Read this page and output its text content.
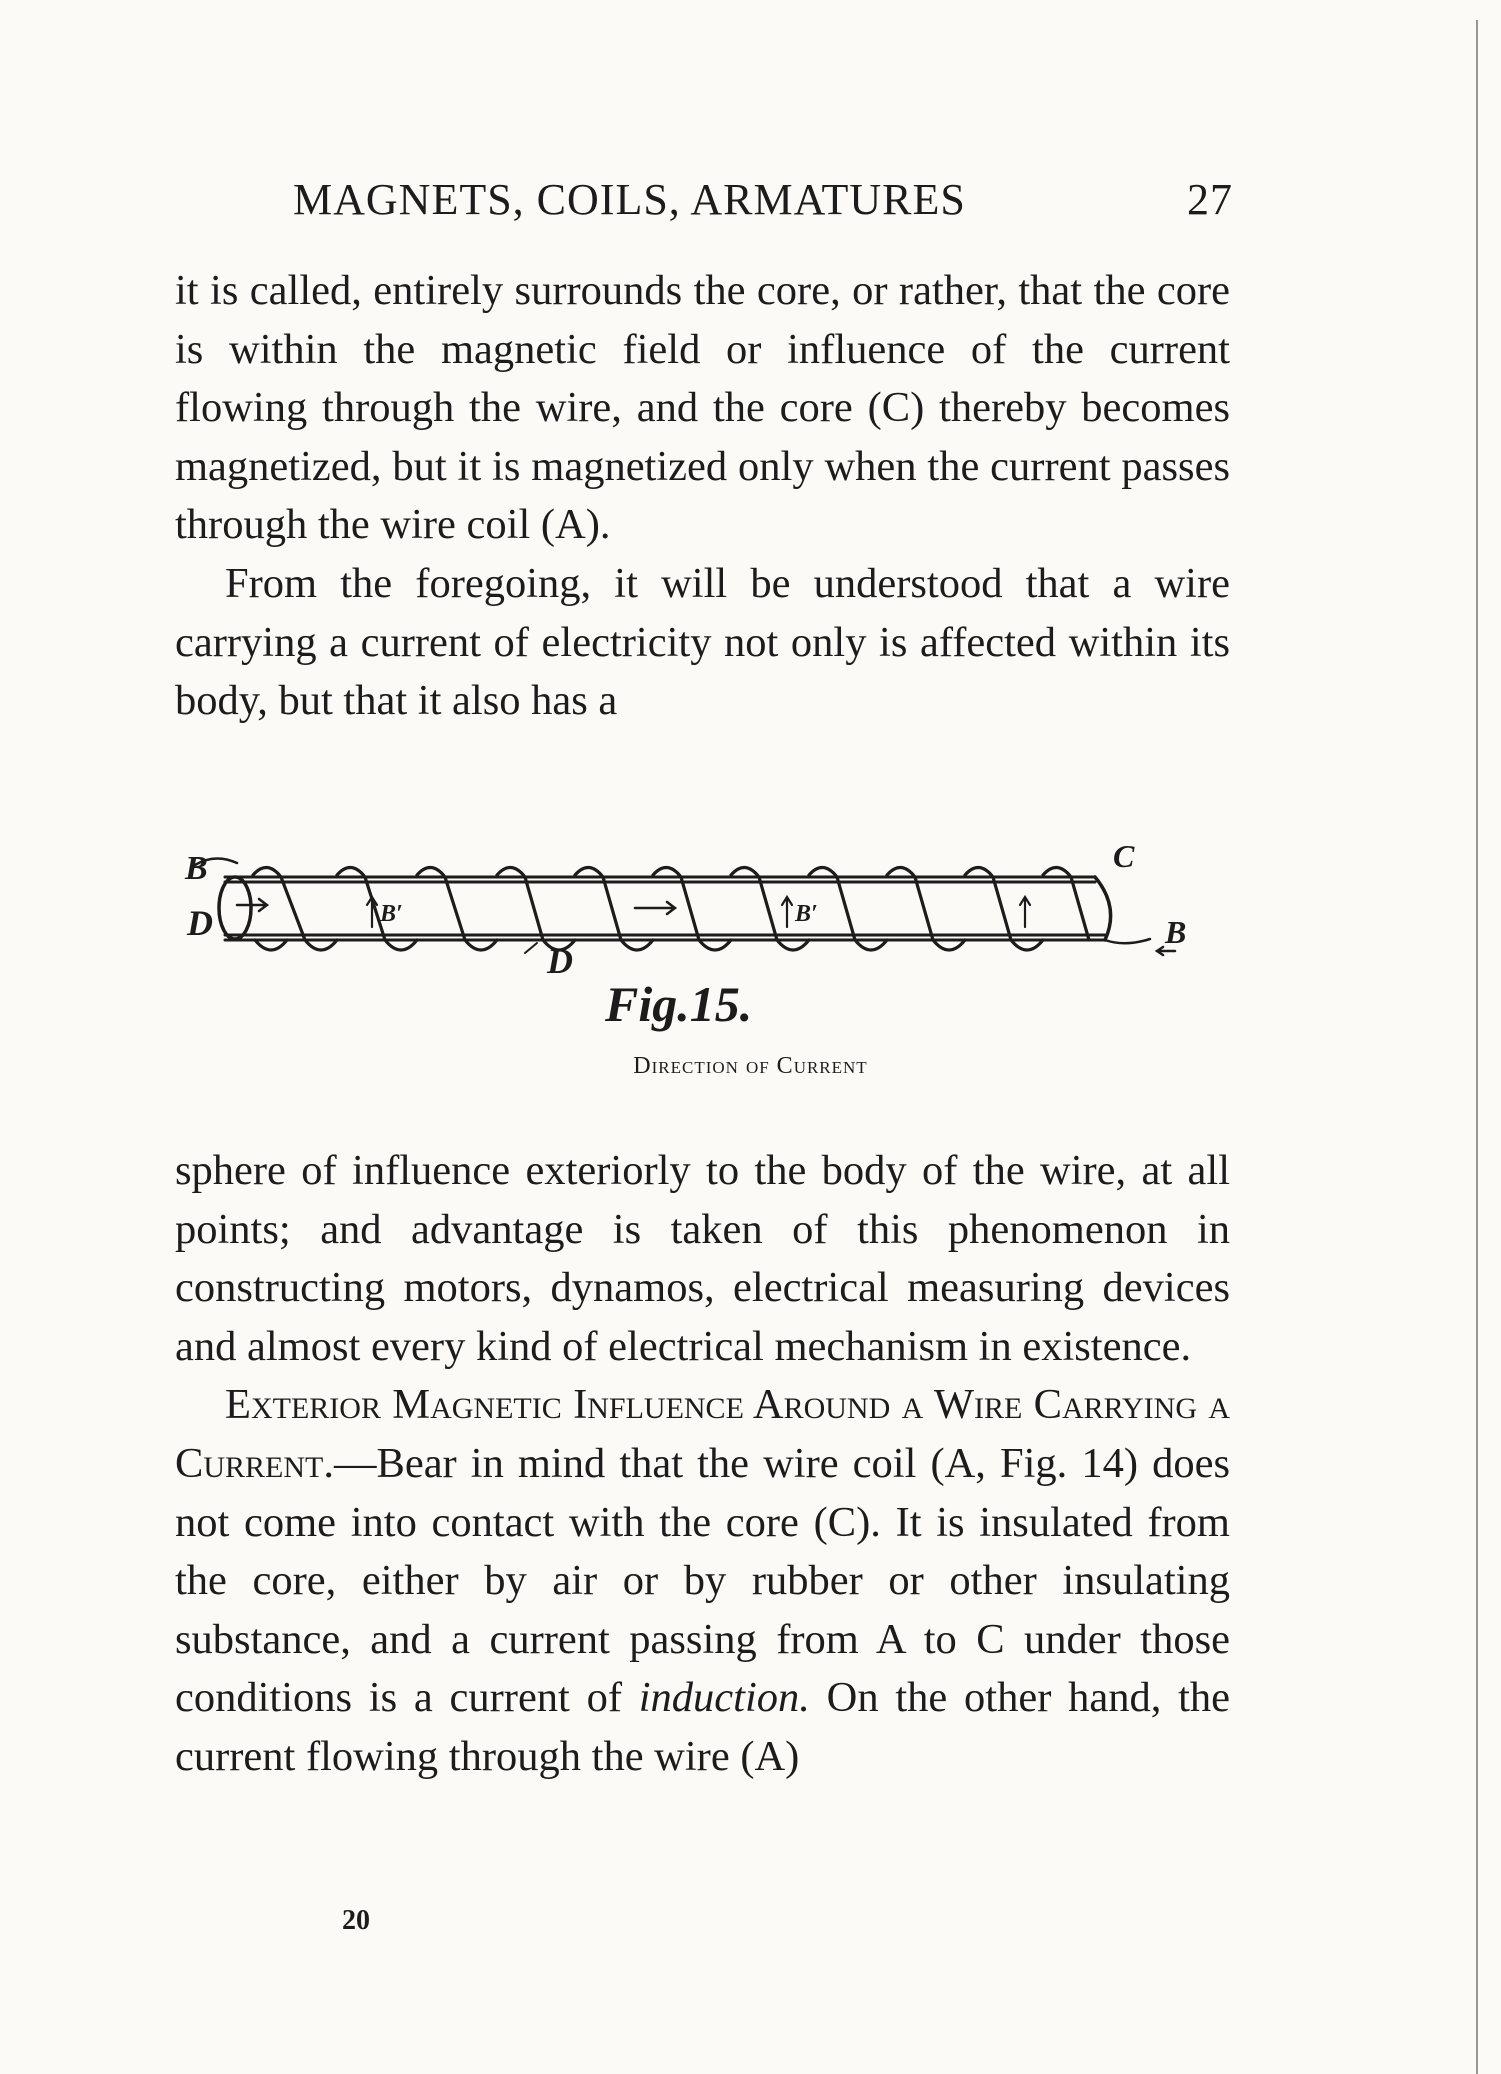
MAGNETS, COILS, ARMATURES	27

it is called, entirely surrounds the core, or rather, that the core is within the magnetic field or influence of the current flowing through the wire, and the core (C) thereby becomes magnetized, but it is magnetized only when the current passes through the wire coil (A).

From the foregoing, it will be understood that a wire carrying a current of electricity not only is affected within its body, but that it also has a

B
D	B′	B′
D
C
B
Fig.15.
Direction of Current

sphere of influence exteriorly to the body of the wire, at all points; and advantage is taken of this phenomenon in constructing motors, dynamos, electrical measuring devices and almost every kind of electrical mechanism in existence.

Exterior Magnetic Influence Around a Wire Carrying a Current.—Bear in mind that the wire coil (A, Fig. 14) does not come into contact with the core (C). It is insulated from the core, either by air or by rubber or other insulating substance, and a current passing from A to C under those conditions is a current of induction. On the other hand, the current flowing through the wire (A)

20
